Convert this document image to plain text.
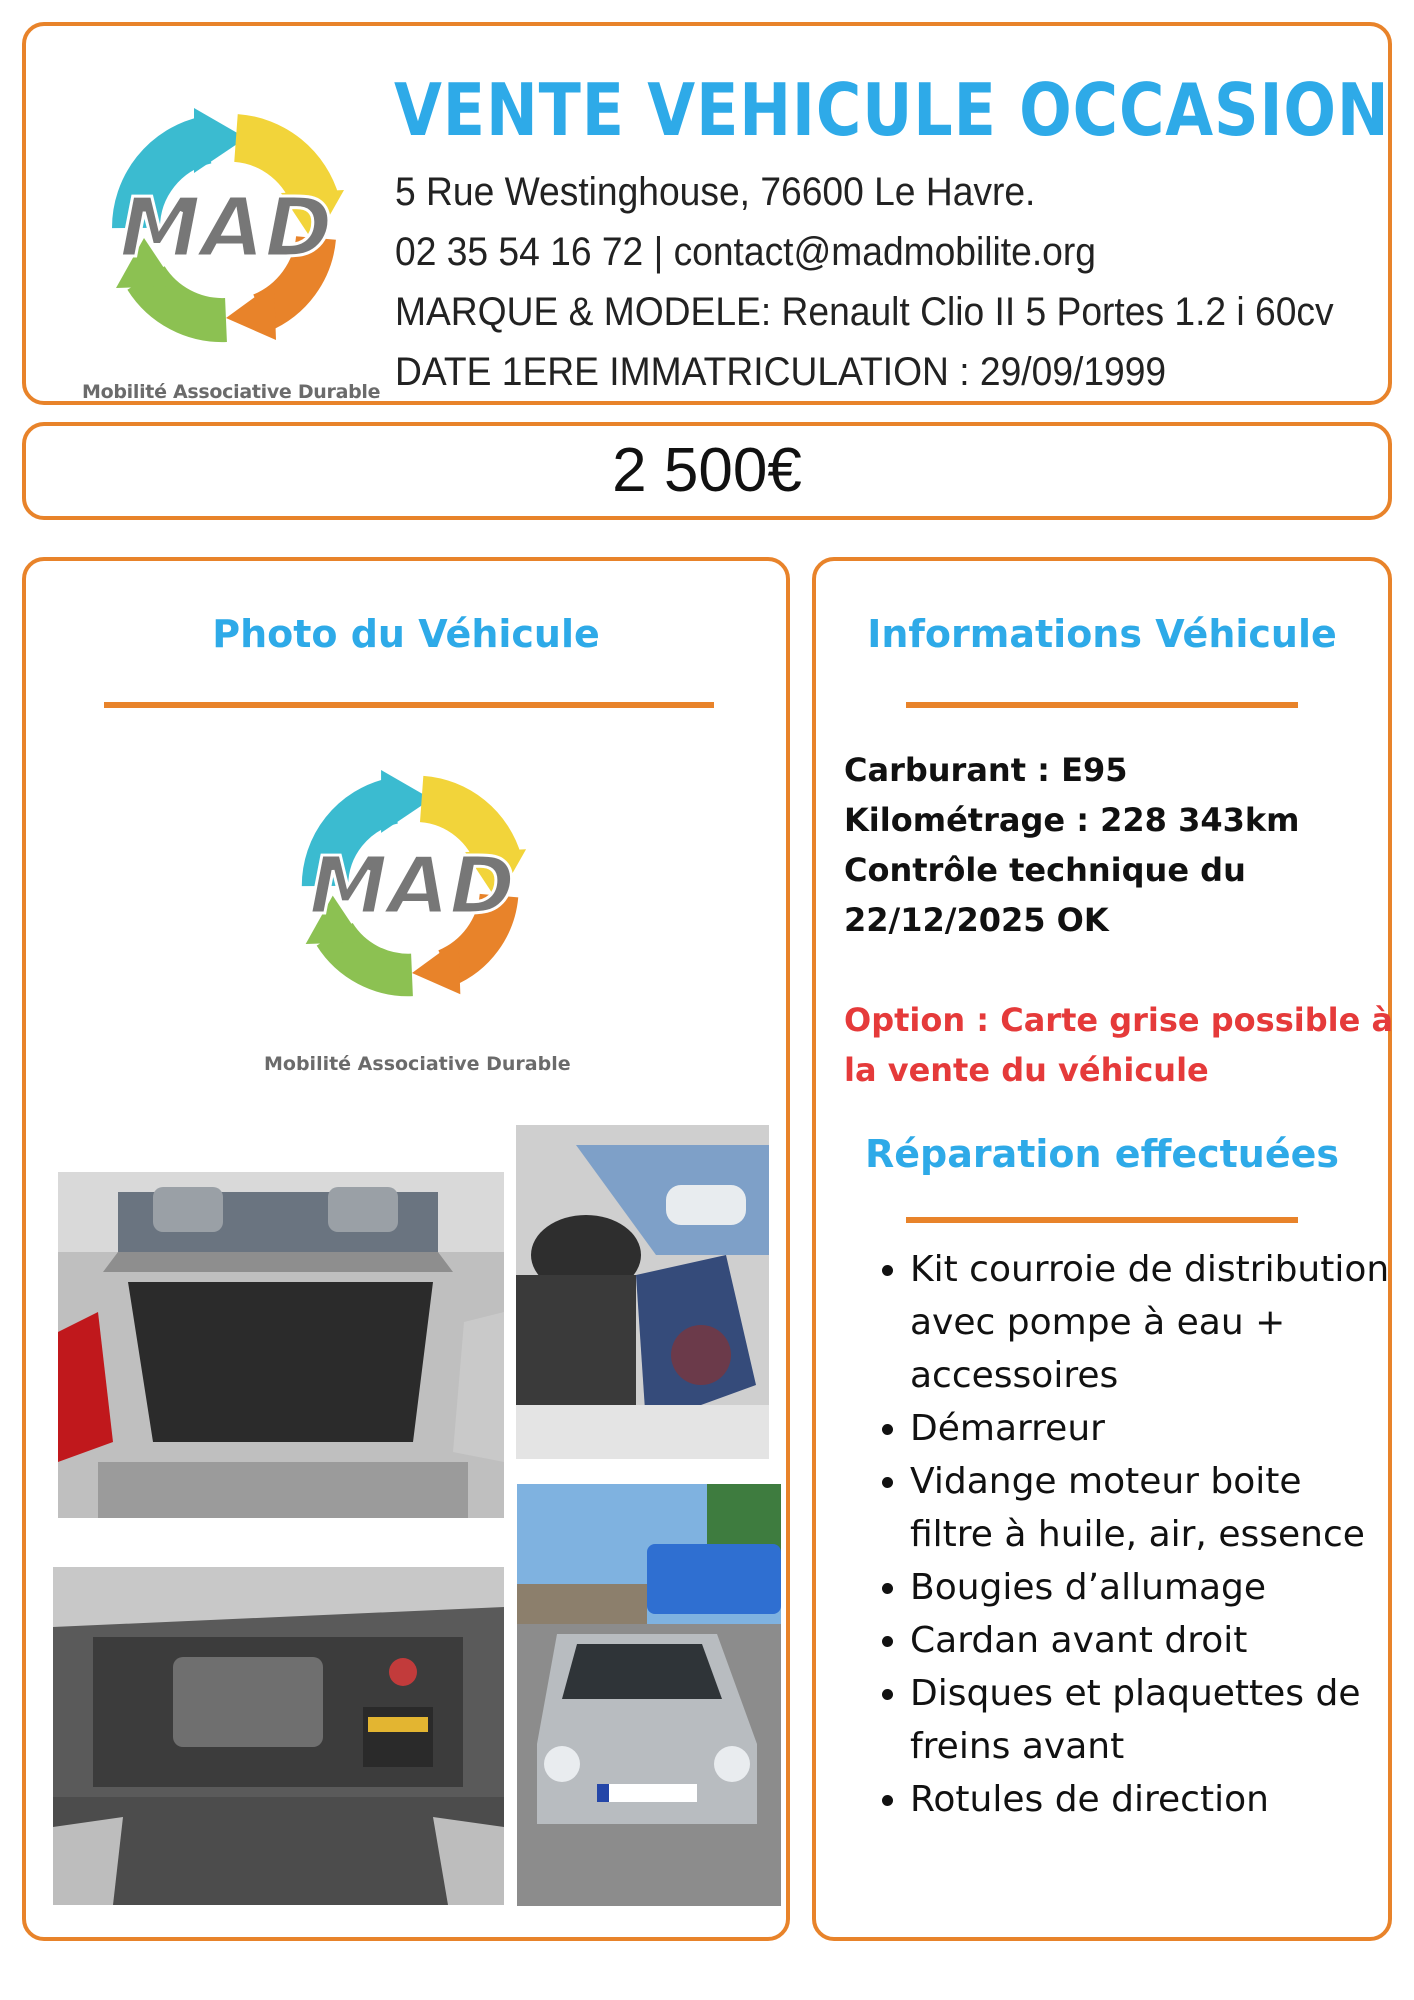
MAD
Mobilité Associative Durable
VENTE VEHICULE OCCASION

5 Rue Westinghouse, 76600 Le Havre.

02 35 54 16 72 | contact@madmobilite.org

MARQUE & MODELE: Renault Clio II 5 Portes 1.2 i 60cv

DATE 1ERE IMMATRICULATION : 29/09/1999

2 500€
Photo du Véhicule
MAD
Mobilité Associative Durable
Informations Véhicule

Carburant : E95

Kilométrage : 228 343km

Contrôle technique du

22/12/2025 OK

Option : Carte grise possible à

la vente du véhicule

Réparation effectuées
• Kit courroie de distribution avec pompe à eau + accessoires
• Démarreur
• Vidange moteur boite filtre à huile, air, essence
• Bougies d’allumage
• Cardan avant droit
• Disques et plaquettes de freins avant
• Rotules de direction
